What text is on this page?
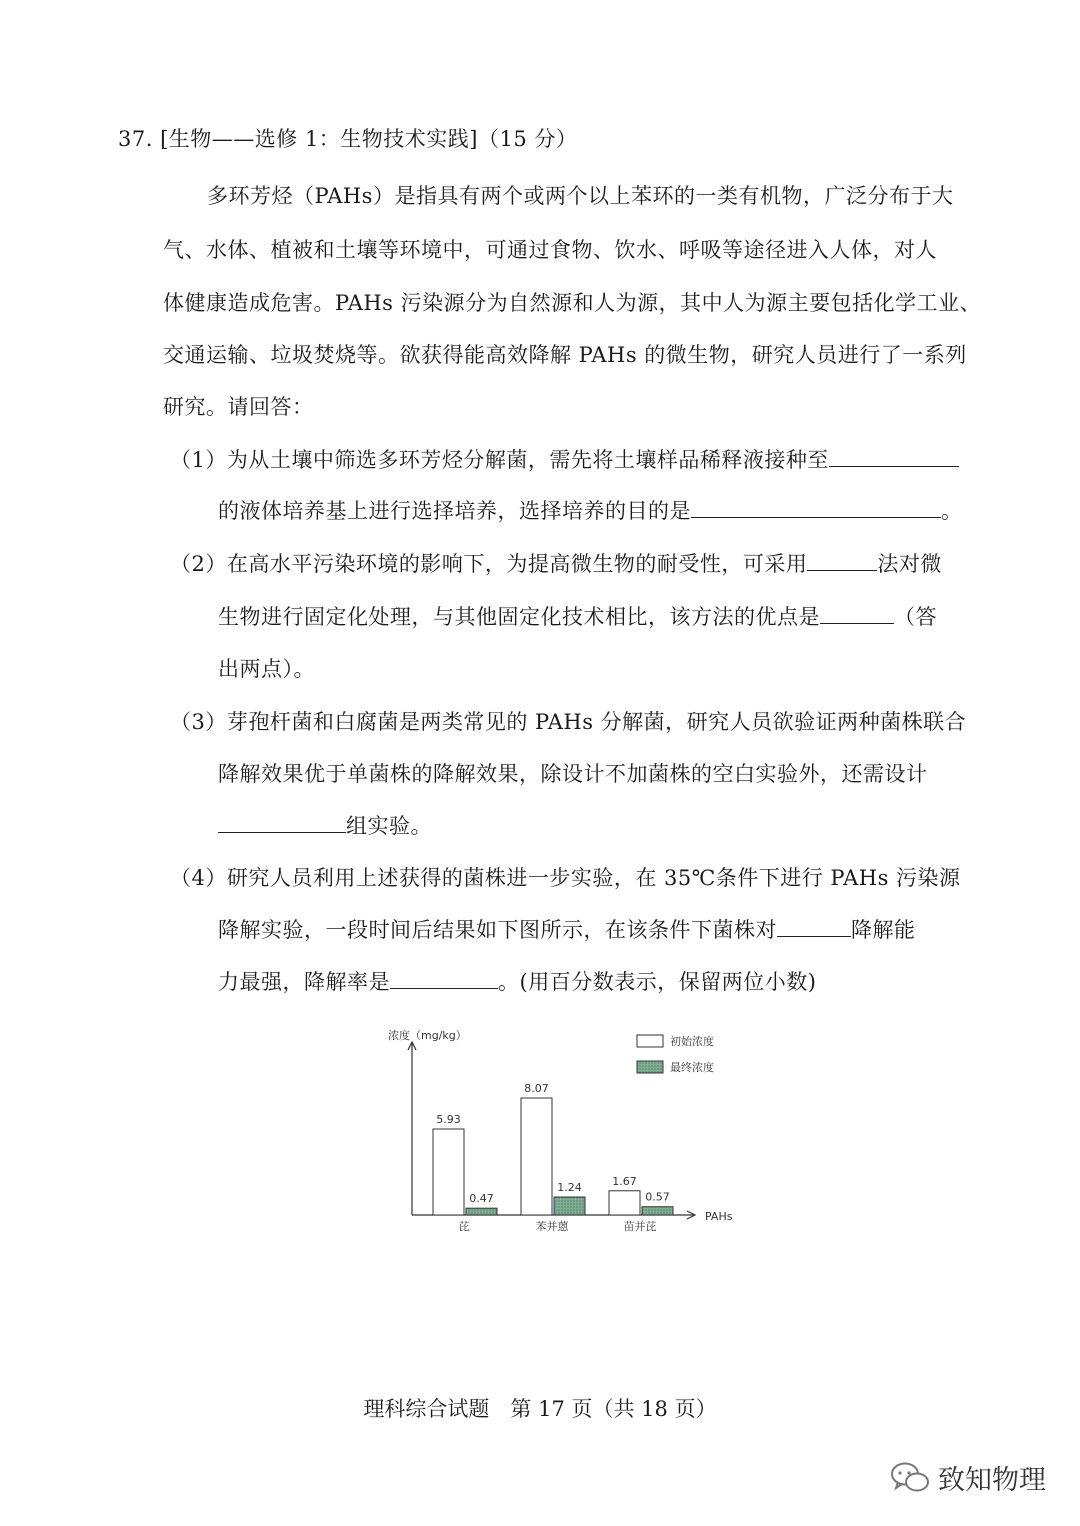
37. [生物——选修 1：生物技术实践]（15 分）
多环芳烃（PAHs）是指具有两个或两个以上苯环的一类有机物，广泛分布于大
气、水体、植被和土壤等环境中，可通过食物、饮水、呼吸等途径进入人体，对人
体健康造成危害。PAHs 污染源分为自然源和人为源，其中人为源主要包括化学工业、
交通运输、垃圾焚烧等。欲获得能高效降解 PAHs 的微生物，研究人员进行了一系列
研究。请回答：
（1）为从土壤中筛选多环芳烃分解菌，需先将土壤样品稀释液接种至
的液体培养基上进行选择培养，选择培养的目的是	。
（2）在高水平污染环境的影响下，为提高微生物的耐受性，可采用	法对微
生物进行固定化处理，与其他固定化技术相比，该方法的优点是	（答
出两点）。
（3）芽孢杆菌和白腐菌是两类常见的 PAHs 分解菌，研究人员欲验证两种菌株联合
降解效果优于单菌株的降解效果，除设计不加菌株的空白实验外，还需设计
组实验。
（4）研究人员利用上述获得的菌株进一步实验，在 35℃条件下进行 PAHs 污染源
降解实验，一段时间后结果如下图所示，在该条件下菌株对	降解能
力最强，降解率是	。(用百分数表示，保留两位小数)
浓度（mg/kg）
PAHs
初始浓度
最终浓度
5.93
0.47
芘
8.07
1.24
苯并蒽
1.67
0.57
苗并芘
理科综合试题　第 17 页（共 18 页）
致知物理
